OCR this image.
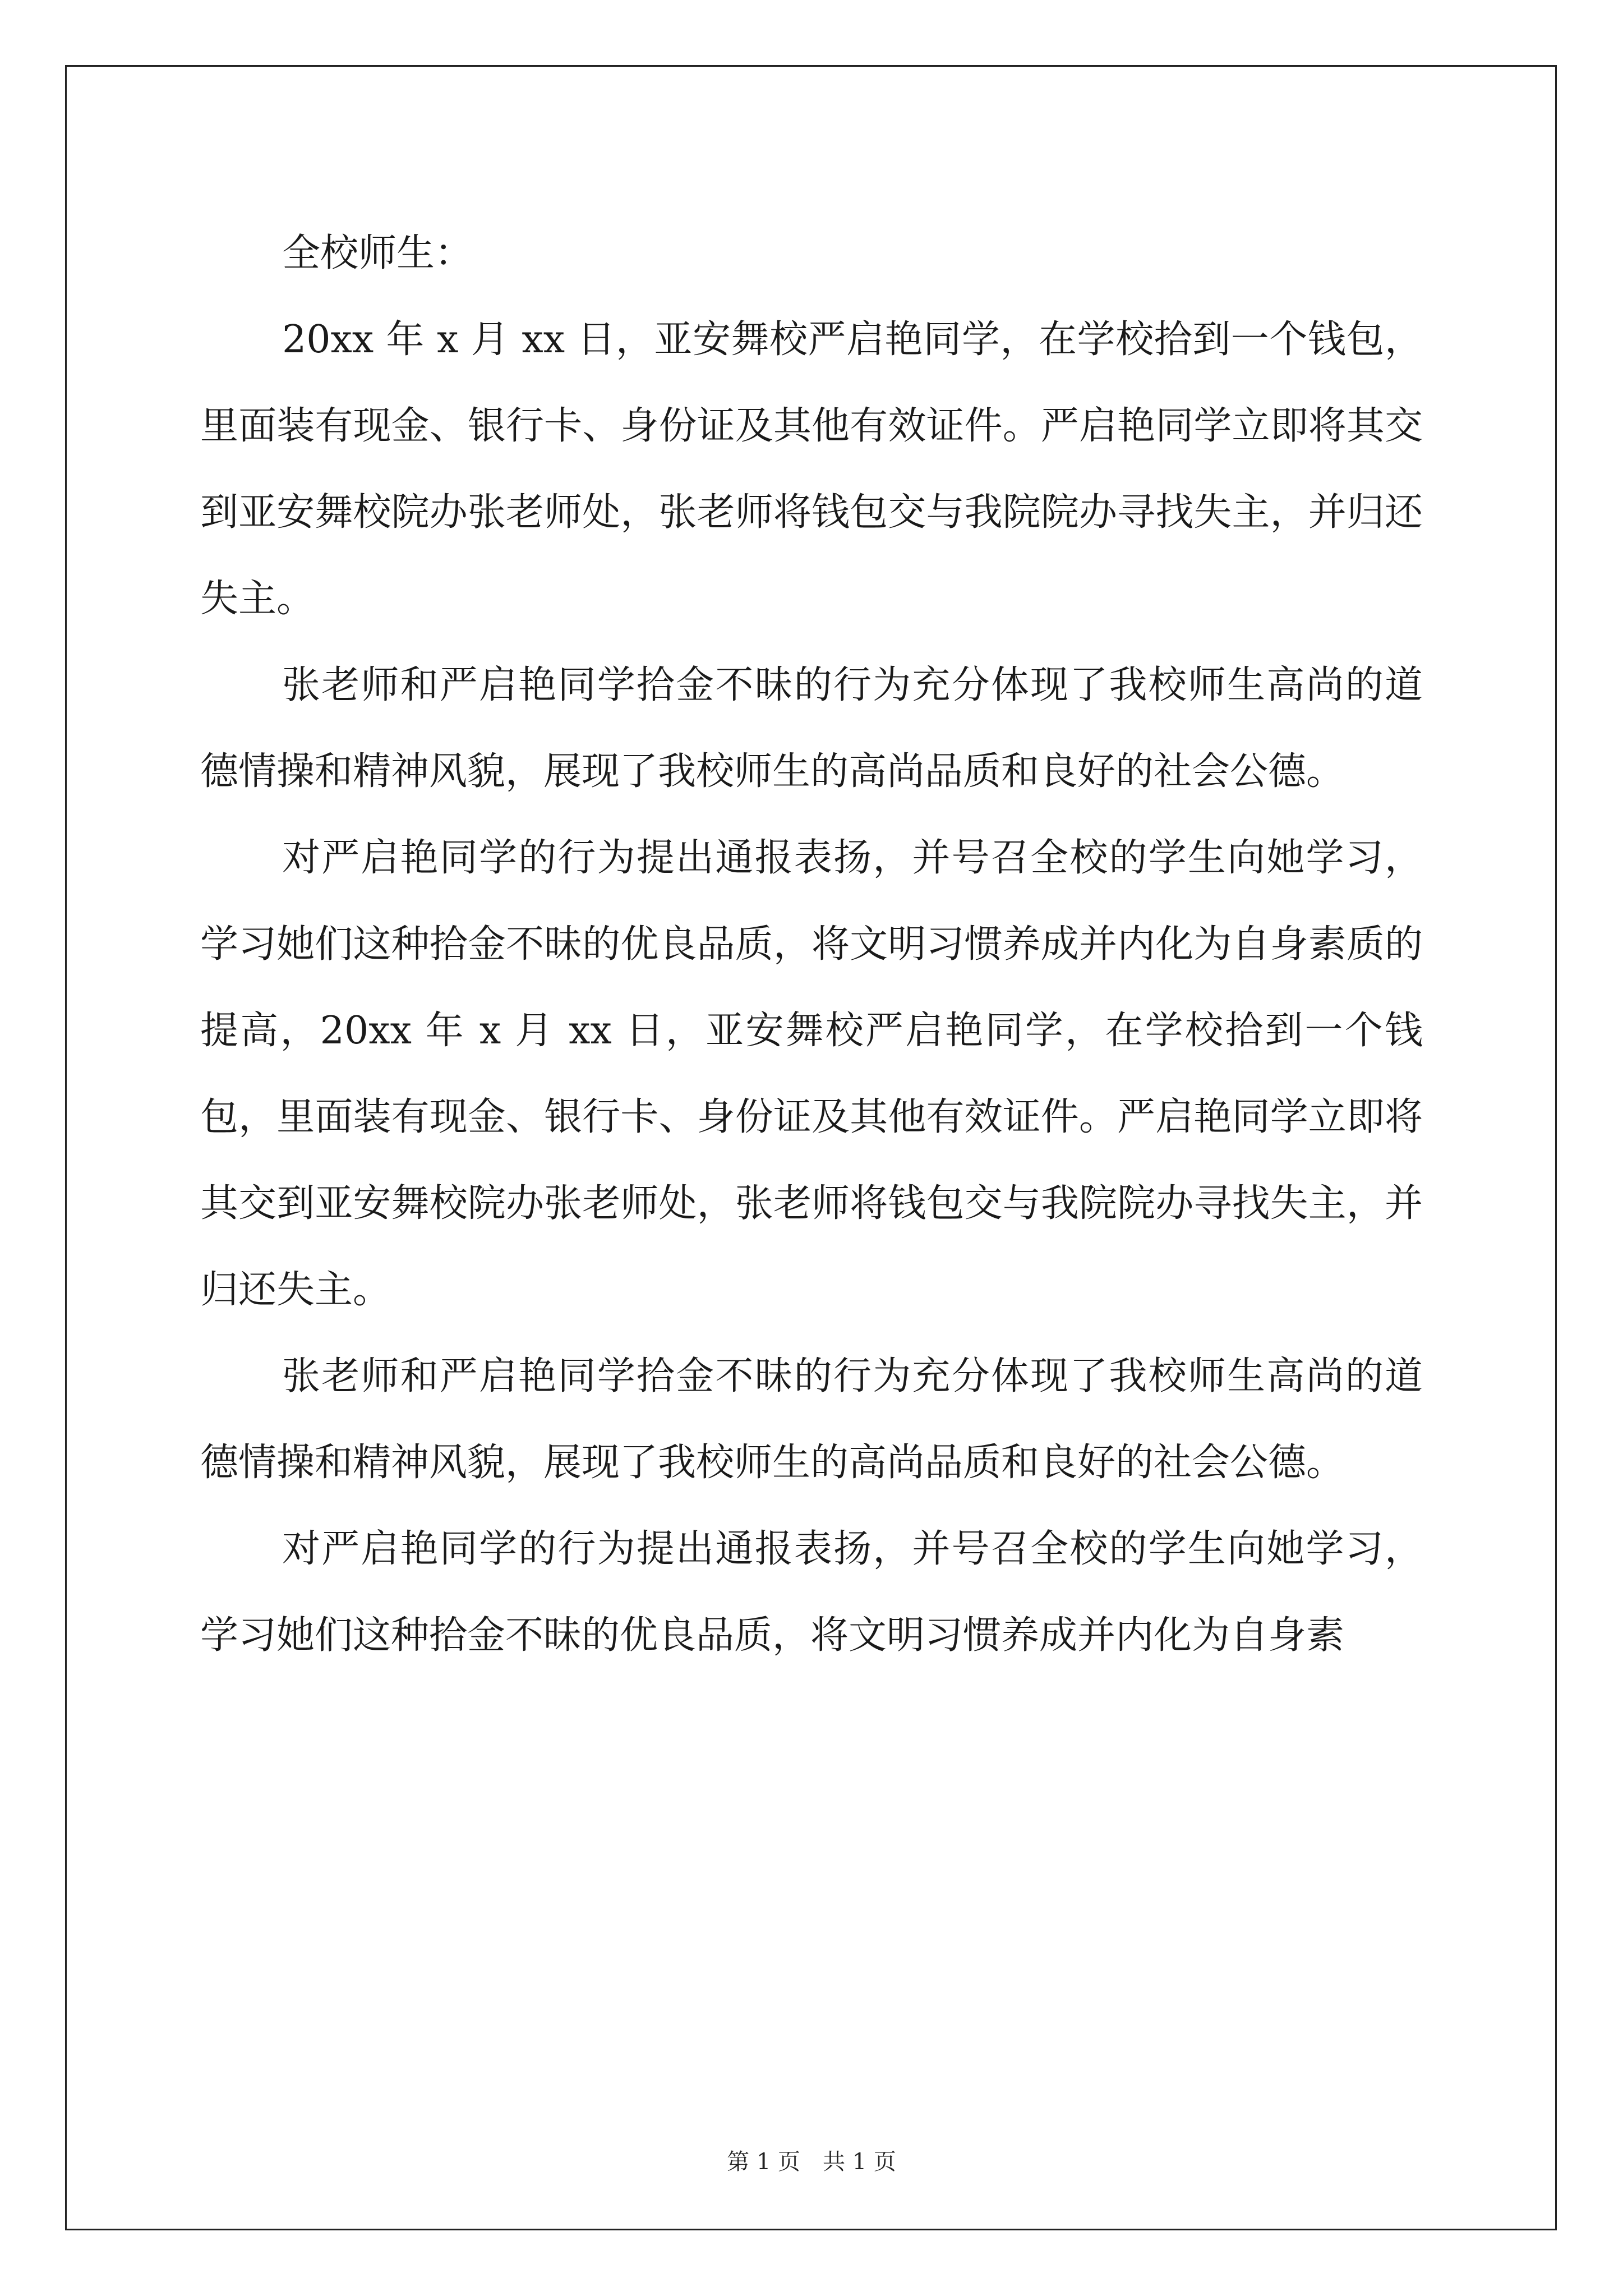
全校师生：

20xx 年 x 月 xx 日，亚安舞校严启艳同学，在学校拾到一个钱包，里面装有现金、银行卡、身份证及其他有效证件。严启艳同学立即将其交到亚安舞校院办张老师处，张老师将钱包交与我院院办寻找失主，并归还失主。

张老师和严启艳同学拾金不昧的行为充分体现了我校师生高尚的道德情操和精神风貌，展现了我校师生的高尚品质和良好的社会公德。

对严启艳同学的行为提出通报表扬，并号召全校的学生向她学习，学习她们这种拾金不昧的优良品质，将文明习惯养成并内化为自身素质的提高，20xx 年 x 月 xx 日，亚安舞校严启艳同学，在学校拾到一个钱包，里面装有现金、银行卡、身份证及其他有效证件。严启艳同学立即将其交到亚安舞校院办张老师处，张老师将钱包交与我院院办寻找失主，并归还失主。

张老师和严启艳同学拾金不昧的行为充分体现了我校师生高尚的道德情操和精神风貌，展现了我校师生的高尚品质和良好的社会公德。

对严启艳同学的行为提出通报表扬，并号召全校的学生向她学习，学习她们这种拾金不昧的优良品质，将文明习惯养成并内化为自身素

第 1 页　共 1 页
